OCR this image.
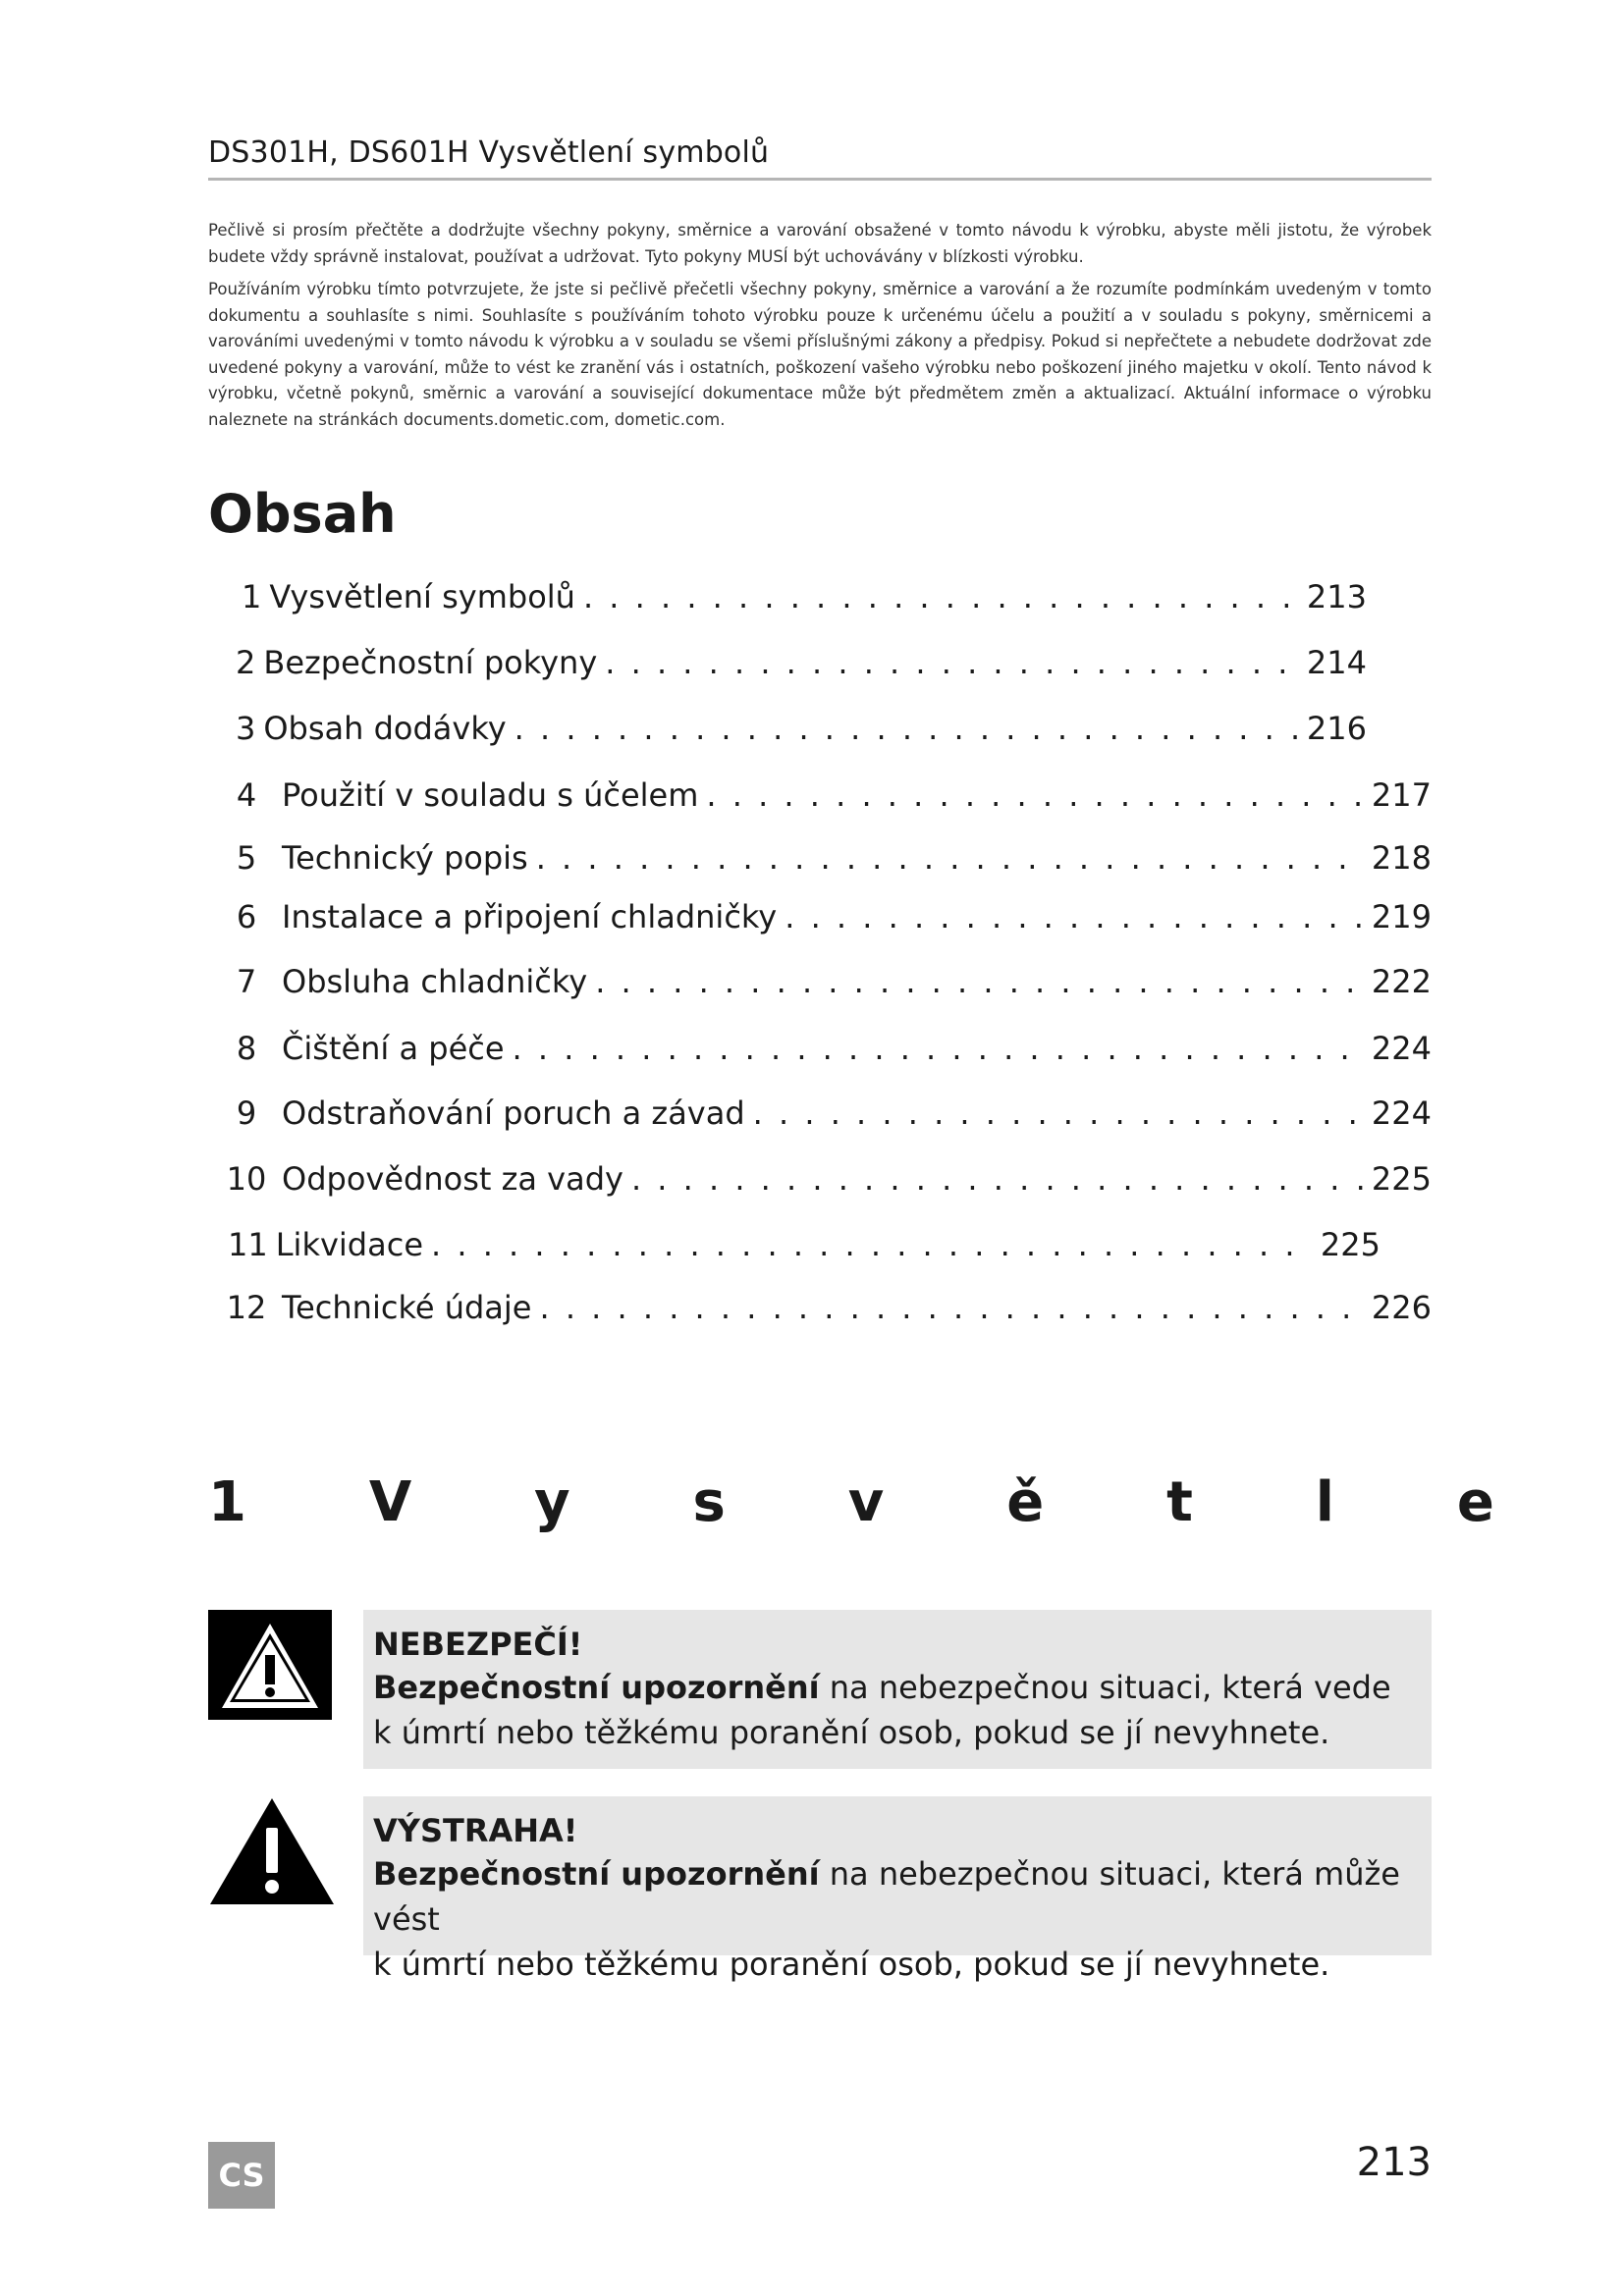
DS301H, DS601H Vysvětlení symbolů

Pečlivě si prosím přečtěte a dodržujte všechny pokyny, směrnice a varování obsažené v tomto návodu k výrobku, abyste měli jistotu, že výrobek budete vždy správně instalovat, používat a udržovat. Tyto pokyny MUSÍ být uchovávány v blízkosti výrobku.

Používáním výrobku tímto potvrzujete, že jste si pečlivě přečetli všechny pokyny, směrnice a varování a že rozumíte podmínkám uvedeným v tomto dokumentu a souhlasíte s nimi. Souhlasíte s používáním tohoto výrobku pouze k určenému účelu a použití a v souladu s pokyny, směrnicemi a varováními uvedenými v tomto návodu k výrobku a v souladu se všemi příslušnými zákony a předpisy. Pokud si nepřečtete a nebudete dodržovat zde uvedené pokyny a varování, může to vést ke zranění vás i ostatních, poškození vašeho výrobku nebo poškození jiného majetku v okolí. Tento návod k výrobku, včetně pokynů, směrnic a varování a související dokumentace může být předmětem změn a aktualizací. Aktuální informace o výrobku naleznete na stránkách documents.dometic.com, dometic.com.

Obsah
1 Vysvětlení symbolů . . .	213
2 Bezpečnostní pokyny . . .	214
3 Obsah dodávky . . .	216
4 Použití v souladu s účelem . . .	217
5 Technický popis . . .	218
6 Instalace a připojení chladničky . . .	219
7 Obsluha chladničky . . .	222
8 Čištění a péče . . .	224
9 Odstraňování poruch a závad . . .	224
10 Odpovědnost za vady . . .	225
11 Likvidace . . .	225
12 Technické údaje . . .	226
1 V y s v ě t l e
NEBEZPEČÍ!
Bezpečnostní upozornění na nebezpečnou situaci, která vede
k úmrtí nebo těžkému poranění osob, pokud se jí nevyhnete.
VÝSTRAHA!
Bezpečnostní upozornění na nebezpečnou situaci, která může vést
k úmrtí nebo těžkému poranění osob, pokud se jí nevyhnete.
CS	213
